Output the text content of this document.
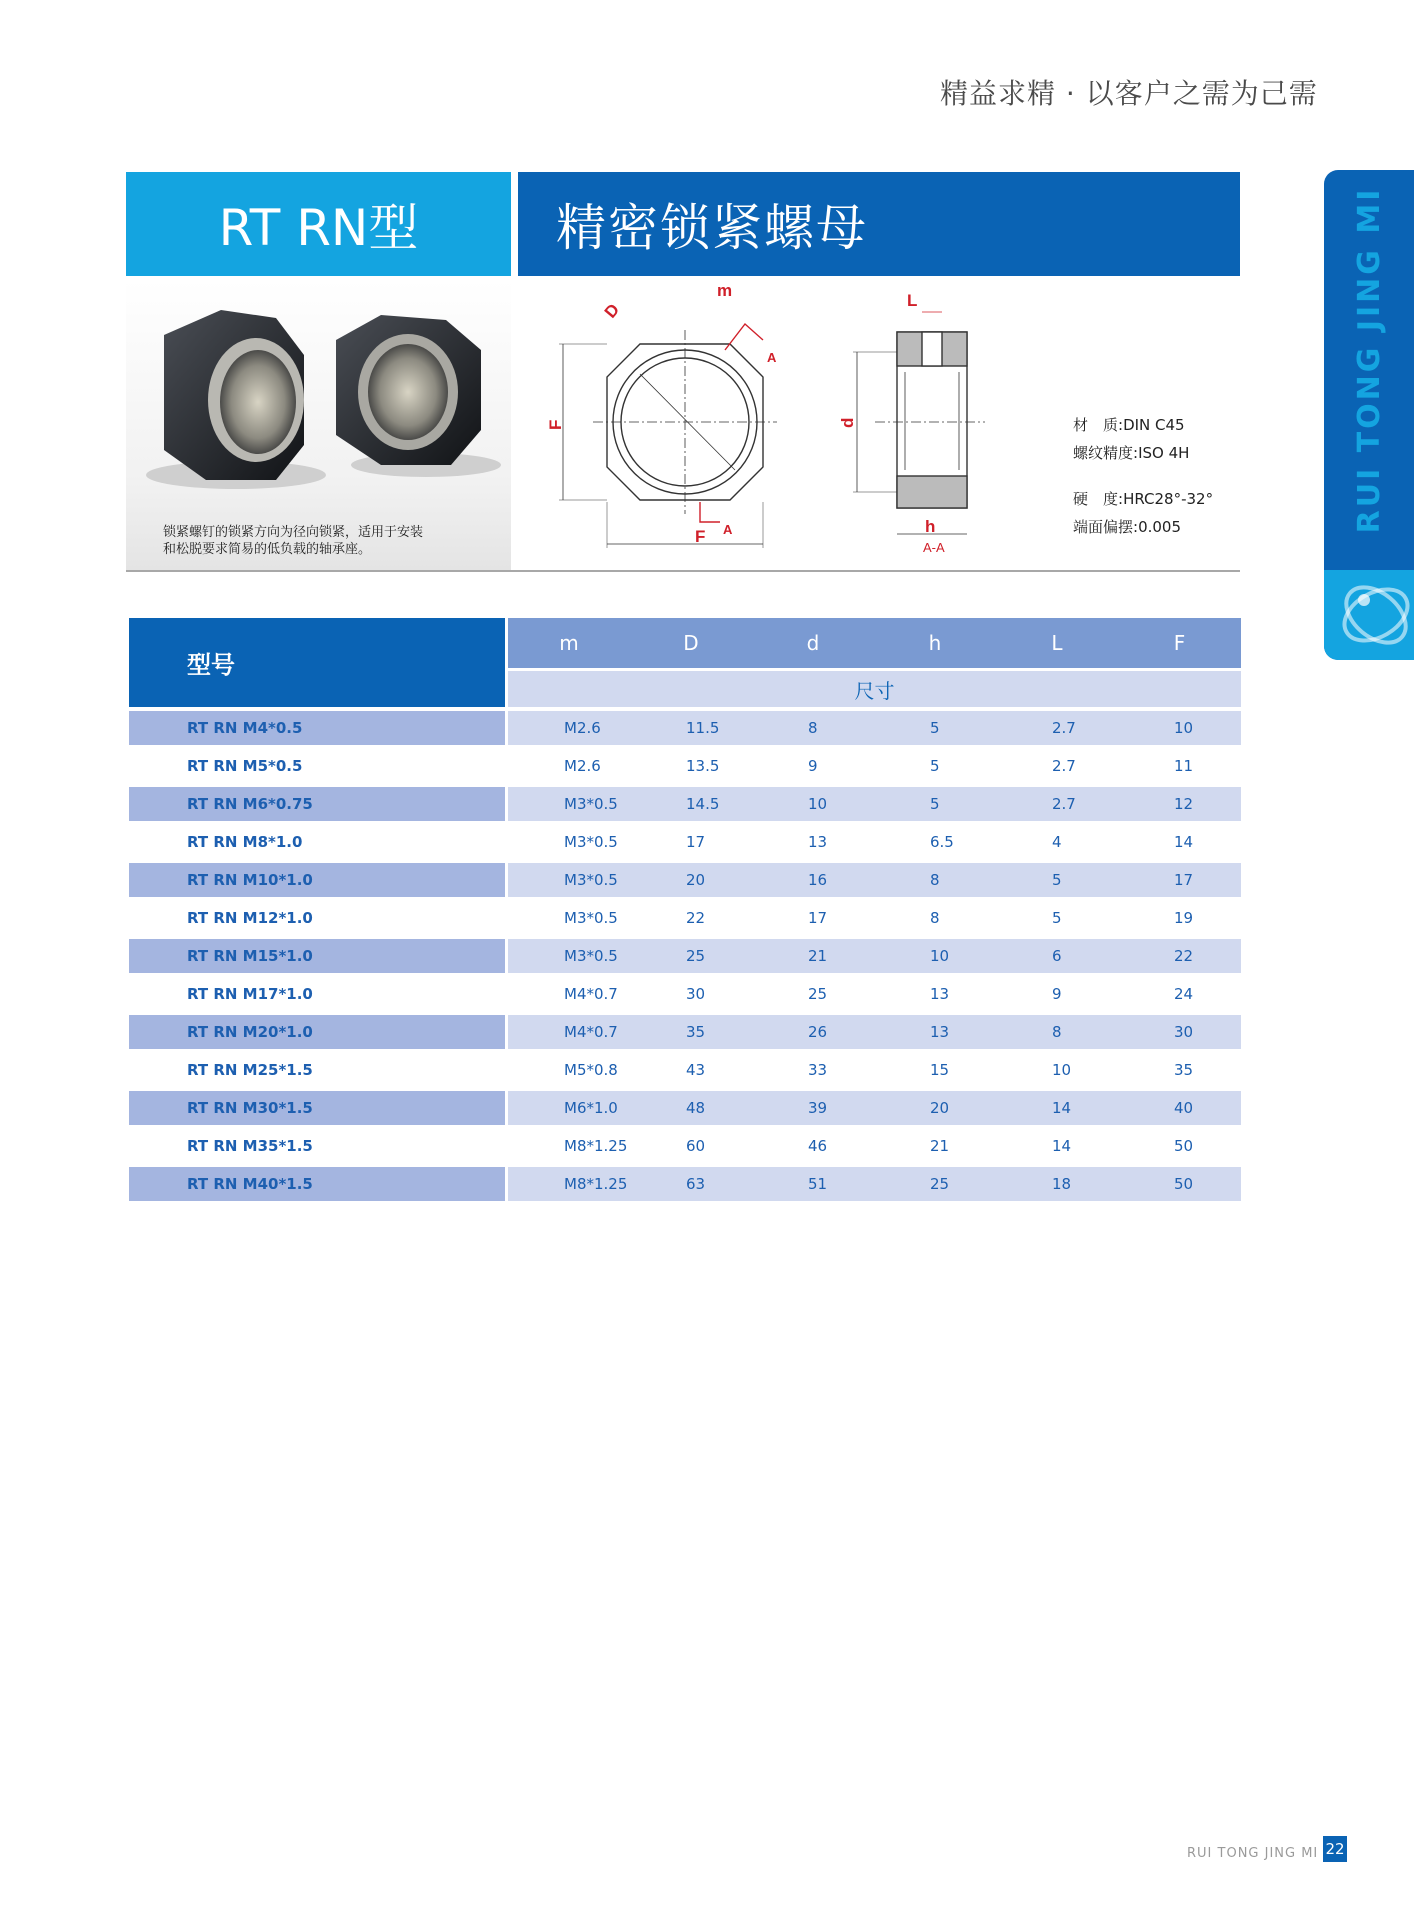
精益求精 · 以客户之需为己需
RT RN型	精密锁紧螺母	RUI TONG JING MI
锁紧螺钉的锁紧方向为径向锁紧，适用于安装
和松脱要求简易的低负载的轴承座。
D
m
A
F
A
F
d
L
h
A-A
材　质:DIN C45
螺纹精度:ISO 4H
硬　度:HRC28°-32°
端面偏摆:0.005
型号	m	D	d	h	L	F
	尺寸					
RT RN M4*0.5	M2.6	11.5	8	5	2.7	10
RT RN M5*0.5	M2.6	13.5	9	5	2.7	11
RT RN M6*0.75	M3*0.5	14.5	10	5	2.7	12
RT RN M8*1.0	M3*0.5	17	13	6.5	4	14
RT RN M10*1.0	M3*0.5	20	16	8	5	17
RT RN M12*1.0	M3*0.5	22	17	8	5	19
RT RN M15*1.0	M3*0.5	25	21	10	6	22
RT RN M17*1.0	M4*0.7	30	25	13	9	24
RT RN M20*1.0	M4*0.7	35	26	13	8	30
RT RN M25*1.5	M5*0.8	43	33	15	10	35
RT RN M30*1.5	M6*1.0	48	39	20	14	40
RT RN M35*1.5	M8*1.25	60	46	21	14	50
RT RN M40*1.5	M8*1.25	63	51	25	18	50
RUI TONG JING MI 22
